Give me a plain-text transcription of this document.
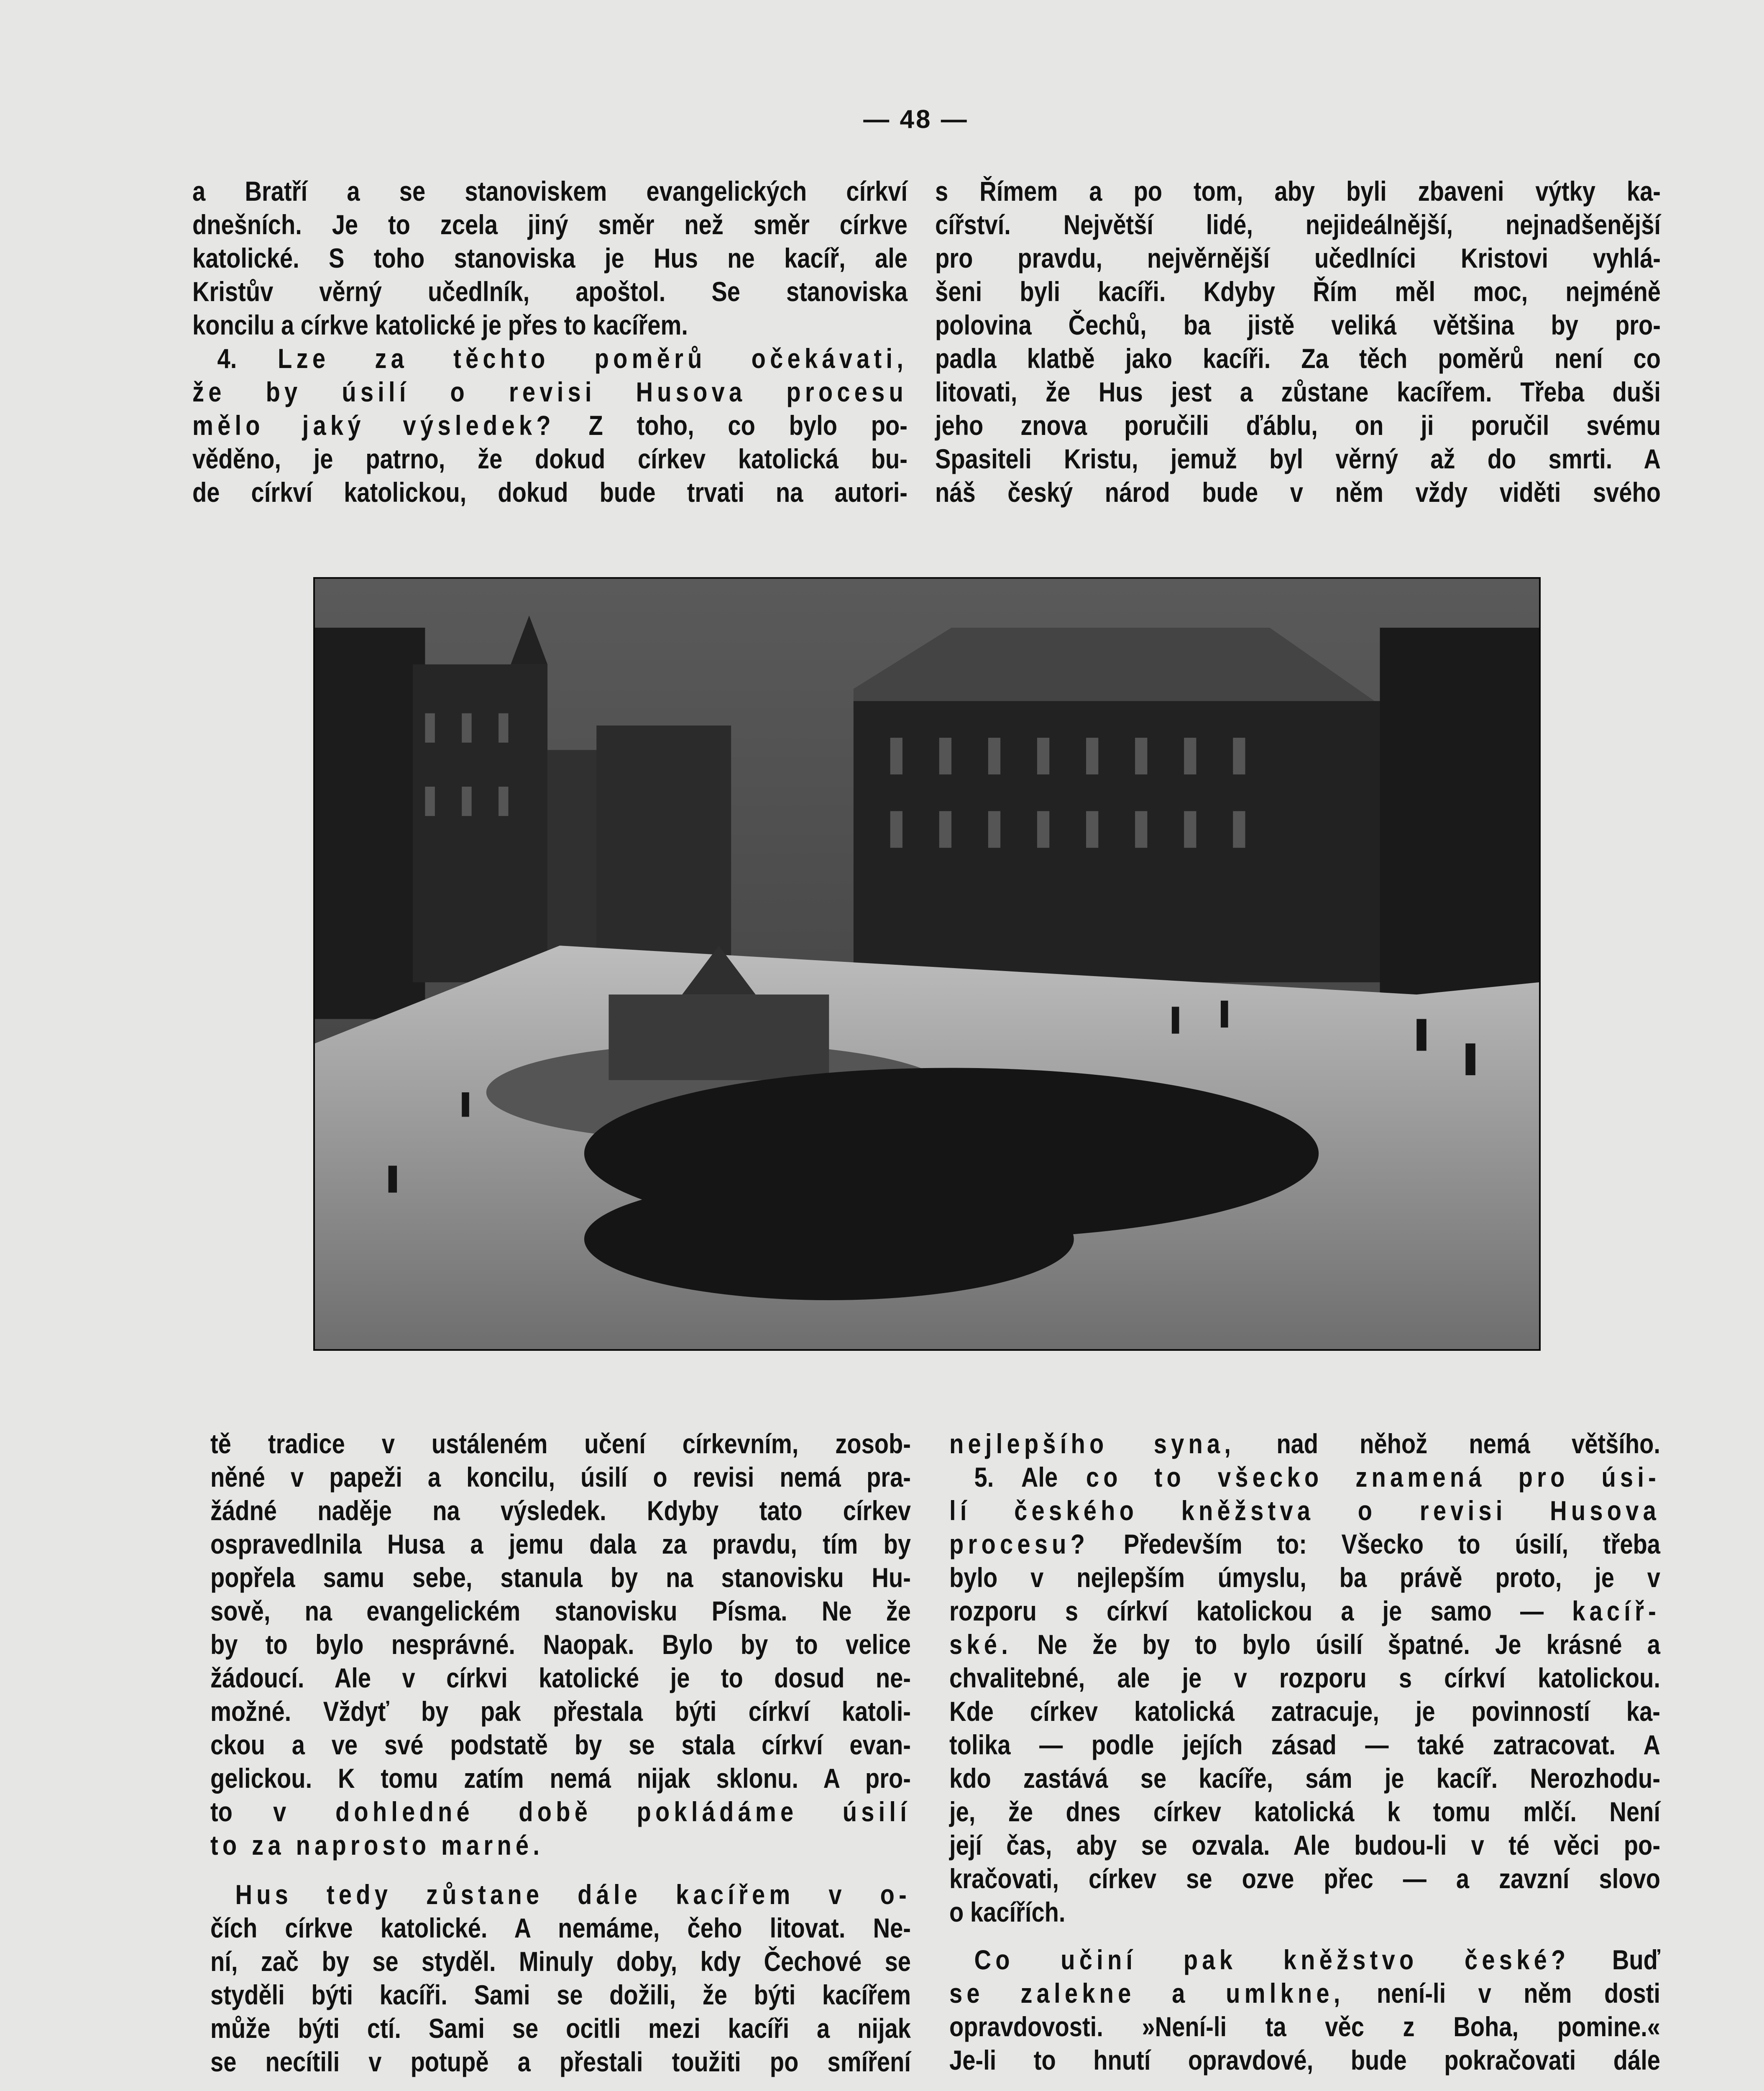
— 48 —
a Bratří a se stanoviskem evangelických církví
dnešních. Je to zcela jiný směr než směr církve
katolické. S toho stanoviska je Hus ne kacíř, ale
Kristův věrný učedlník, apoštol. Se stanoviska
koncilu a církve katolické je přes to kacířem.
4. Lze za těchto poměrů očekávati,
že by úsilí o revisi Husova procesu
mělo jaký výsledek? Z toho, co bylo po-
věděno, je patrno, že dokud církev katolická bu-
de církví katolickou, dokud bude trvati na autori-
s Římem a po tom, aby byli zbaveni výtky ka-
cířství. Největší lidé, nejideálnější, nejnadšenější
pro pravdu, nejvěrnější učedlníci Kristovi vyhlá-
šeni byli kacíři. Kdyby Řím měl moc, nejméně
polovina Čechů, ba jistě veliká většina by pro-
padla klatbě jako kacíři. Za těch poměrů není co
litovati, že Hus jest a zůstane kacířem. Třeba duši
jeho znova poručili ďáblu, on ji poručil svému
Spasiteli Kristu, jemuž byl věrný až do smrti. A
náš český národ bude v něm vždy viděti svého
tě tradice v ustáleném učení církevním, zosob-
něné v papeži a koncilu, úsilí o revisi nemá pra-
žádné naděje na výsledek. Kdyby tato církev
ospravedlnila Husa a jemu dala za pravdu, tím by
popřela samu sebe, stanula by na stanovisku Hu-
sově, na evangelickém stanovisku Písma. Ne že
by to bylo nesprávné. Naopak. Bylo by to velice
žádoucí. Ale v církvi katolické je to dosud ne-
možné. Vždyť by pak přestala býti církví katoli-
ckou a ve své podstatě by se stala církví evan-
gelickou. K tomu zatím nemá nijak sklonu. A pro-
to v dohledné době pokládáme úsilí
to za naprosto marné.
Hus tedy zůstane dále kacířem v o-
čích církve katolické. A nemáme, čeho litovat. Ne-
ní, zač by se styděl. Minuly doby, kdy Čechové se
styděli býti kacíři. Sami se dožili, že býti kacířem
může býti ctí. Sami se ocitli mezi kacíři a nijak
se necítili v potupě a přestali toužiti po smíření
nejlepšího syna, nad něhož nemá většího.
5. Ale co to všecko znamená pro úsi-
lí českého kněžstva o revisi Husova
procesu? Především to: Všecko to úsilí, třeba
bylo v nejlepším úmyslu, ba právě proto, je v
rozporu s církví katolickou a je samo — kacíř-
ské. Ne že by to bylo úsilí špatné. Je krásné a
chvalitebné, ale je v rozporu s církví katolickou.
Kde církev katolická zatracuje, je povinností ka-
tolika — podle jejích zásad — také zatracovat. A
kdo zastává se kacíře, sám je kacíř. Nerozhodu-
je, že dnes církev katolická k tomu mlčí. Není
její čas, aby se ozvala. Ale budou-li v té věci po-
kračovati, církev se ozve přec — a zavzní slovo
o kacířích.
Co učiní pak kněžstvo české? Buď
se zalekne a umlkne, není-li v něm dosti
opravdovosti. »Není-li ta věc z Boha, pomine.«
Je-li to hnutí opravdové, bude pokračovati dále
